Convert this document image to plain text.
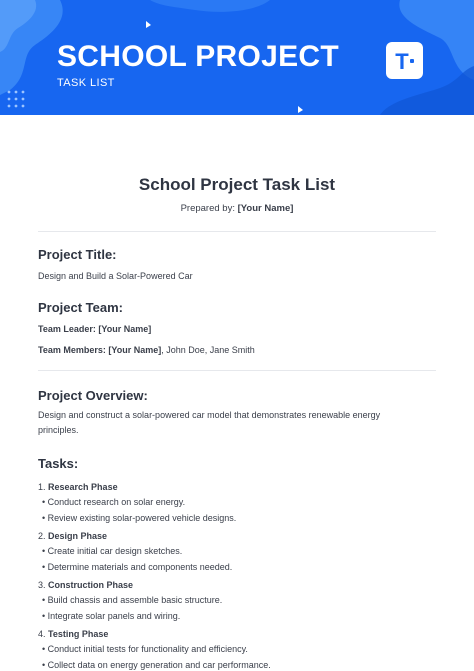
SCHOOL PROJECT
TASK LIST
T
School Project Task List
Prepared by: [Your Name]
Project Title:
Design and Build a Solar-Powered Car
Project Team:
Team Leader: [Your Name]
Team Members: [Your Name], John Doe, Jane Smith
Project Overview:
Design and construct a solar-powered car model that demonstrates renewable energy
principles.
Tasks:
1. Research Phase
• Conduct research on solar energy.
• Review existing solar-powered vehicle designs.
2. Design Phase
• Create initial car design sketches.
• Determine materials and components needed.
3. Construction Phase
• Build chassis and assemble basic structure.
• Integrate solar panels and wiring.
4. Testing Phase
• Conduct initial tests for functionality and efficiency.
• Collect data on energy generation and car performance.
